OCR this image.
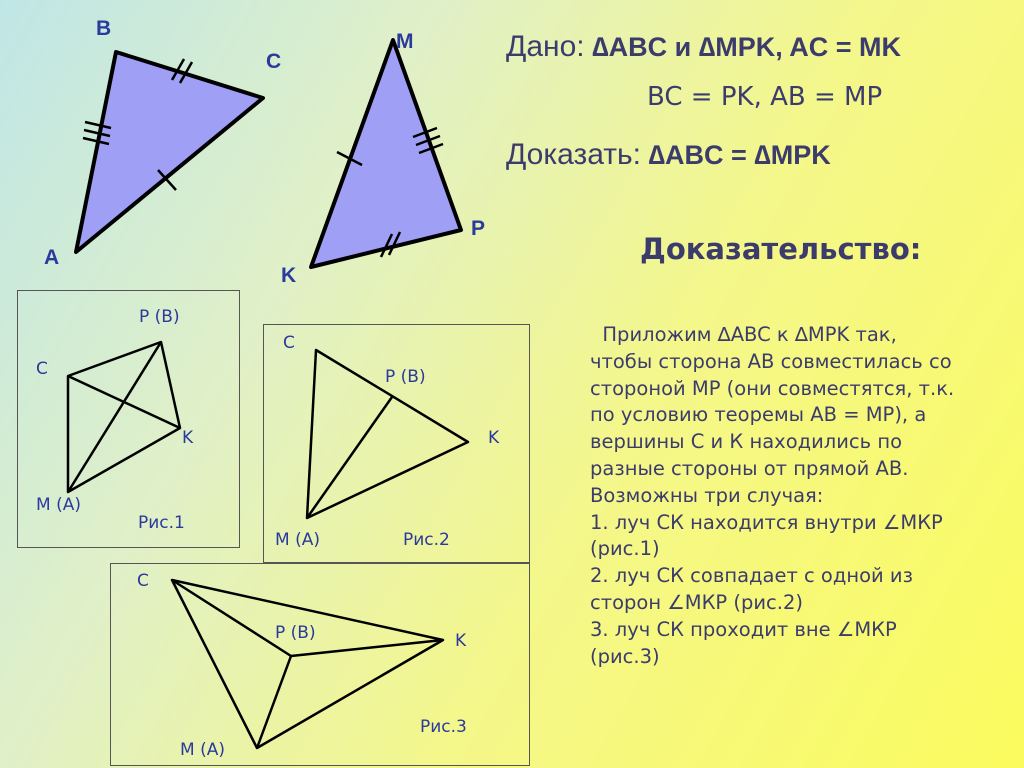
B
C
A
M
P
K
Дано: ∆ABC и ∆MPK, AC = MK
BC = PK, AB = MP
Доказать: ∆ABC = ∆MPK
Доказательство:
Приложим ∆ABC к ∆MPK так,
чтобы сторона AB совместилась со
стороной MP (они совместятся, т.к.
по условию теоремы AB = MP), а
вершины С и К находились по
разные стороны от прямой AB.
Возможны три случая:
1. луч СК находится внутри ∠МКР
(рис.1)
2. луч СК совпадает с одной из
сторон ∠МКР (рис.2)
3. луч СК проходит вне ∠МКР
(рис.3)
P (B)
C
K
M (A)
Рис.1
C
P (B)
K
M (A)	Рис.2
C
P (B)	K
M (A)
Рис.3
